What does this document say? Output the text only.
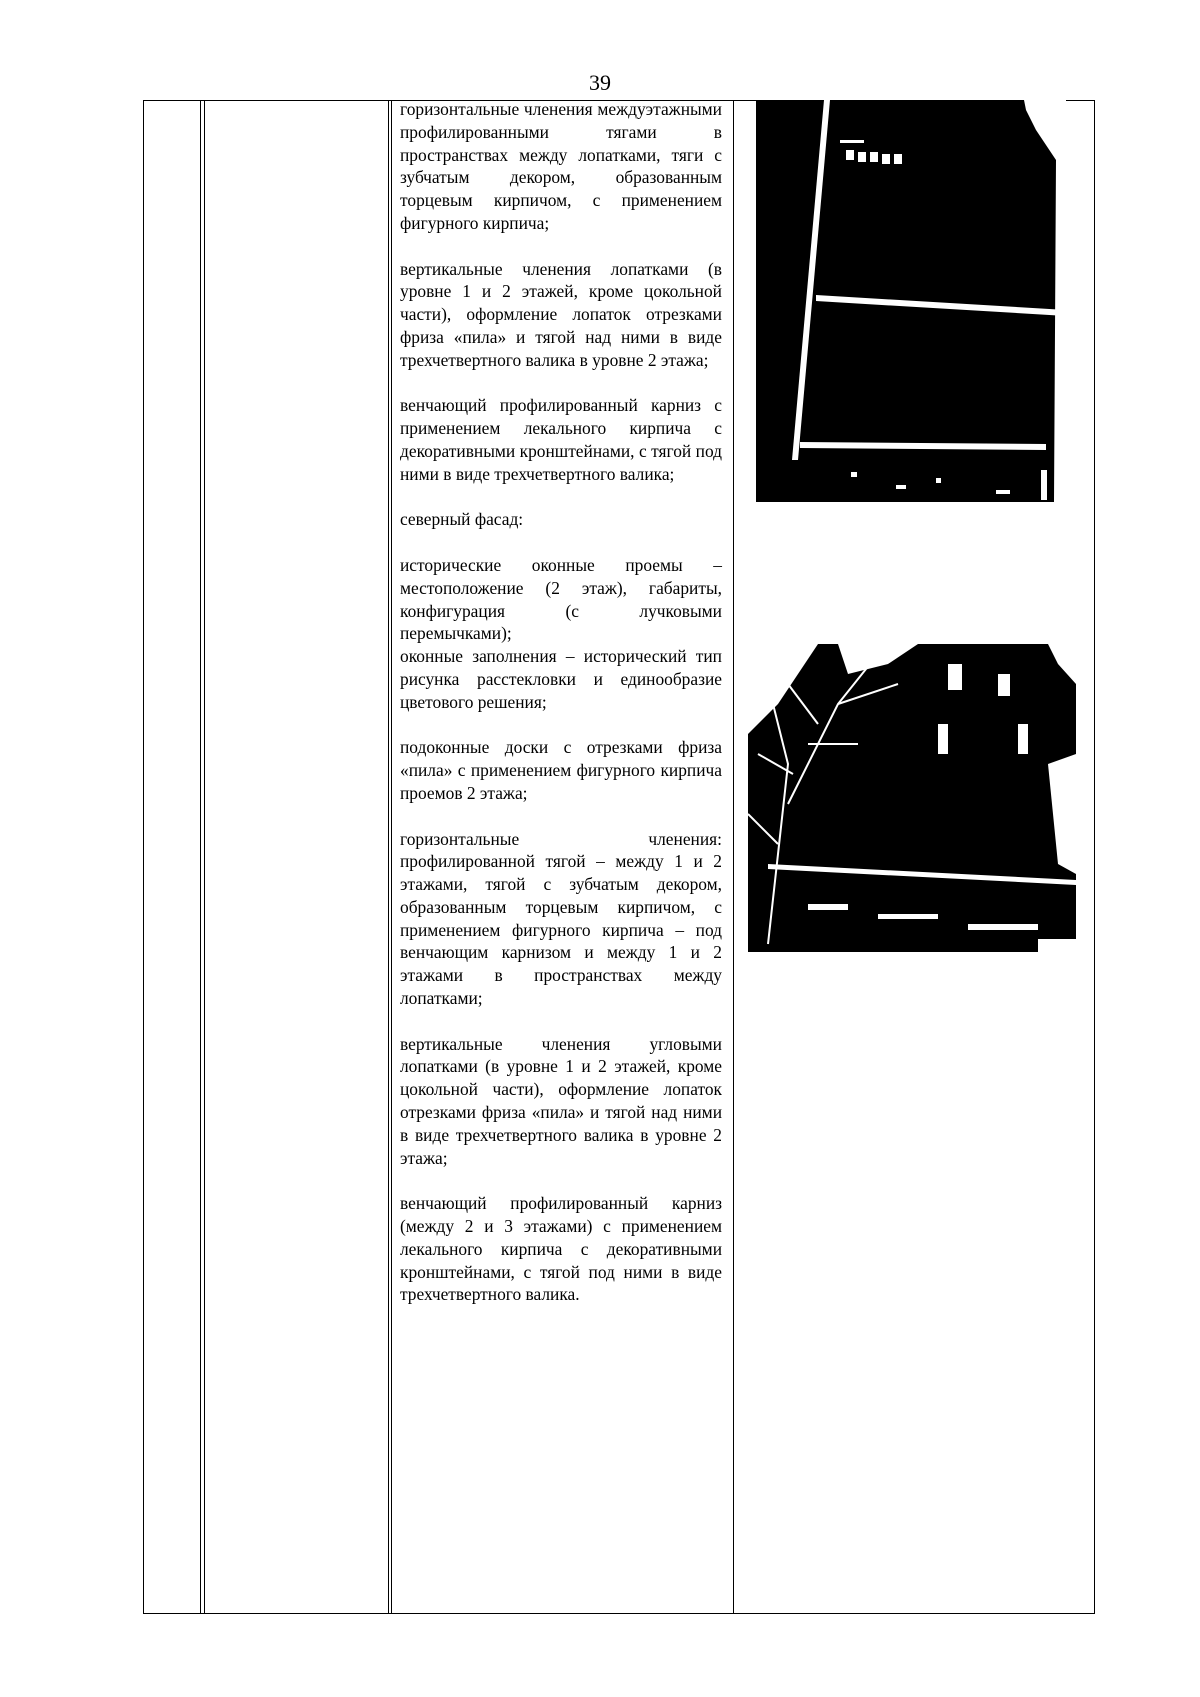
39

горизонтальные членения междуэтажными профилированными тягами в пространствах между лопатками, тяги с зубчатым декором, образованным торцевым кирпичом, с применением фигурного кирпича;

вертикальные членения лопатками (в уровне 1 и 2 этажей, кроме цокольной части), оформление лопаток отрезками фриза «пила» и тягой над ними в виде трехчетвертного валика в уровне 2 этажа;

венчающий профилированный карниз с применением лекального кирпича с декоративными кронштейнами, с тягой под ними в виде трехчетвертного валика;

северный фасад:

исторические оконные проемы – местоположение (2 этаж), габариты, конфигурация (с лучковыми перемычками);

оконные заполнения – исторический тип рисунка расстекловки и единообразие цветового решения;

подоконные доски с отрезками фриза «пила» с применением фигурного кирпича проемов 2 этажа;

горизонтальные членения: профилированной тягой – между 1 и 2 этажами, тягой с зубчатым декором, образованным торцевым кирпичом, с применением фигурного кирпича – под венчающим карнизом и между 1 и 2 этажами в пространствах между лопатками;

вертикальные членения угловыми лопатками (в уровне 1 и 2 этажей, кроме цокольной части), оформление лопаток отрезками фриза «пила» и тягой над ними в виде трехчетвертного валика в уровне 2 этажа;

венчающий профилированный карниз (между 2 и 3 этажами) с применением лекального кирпича с декоративными кронштейнами, с тягой под ними в виде трехчетвертного валика.
